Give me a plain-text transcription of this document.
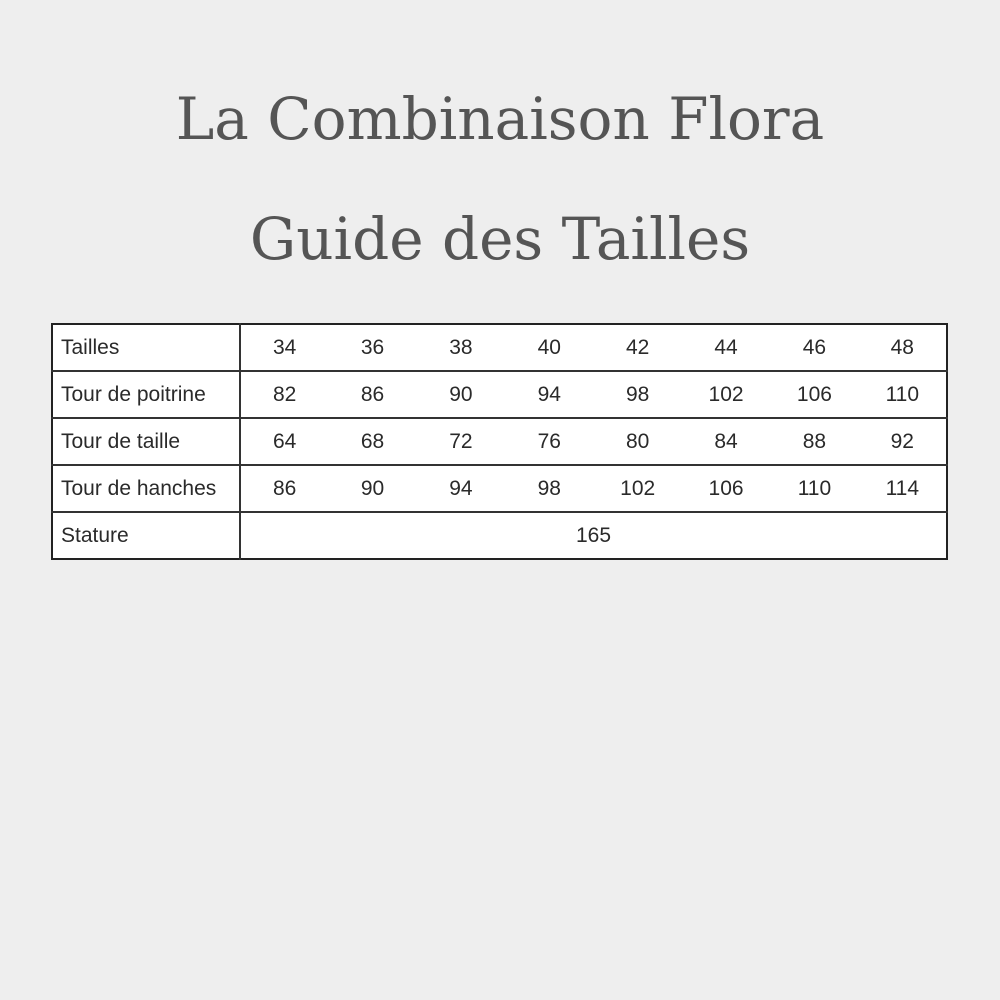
La Combinaison Flora
Guide des Tailles
Tailles	34	36	38	40	42	44	46	48
Tour de poitrine	82	86	90	94	98	102	106	110
Tour de taille	64	68	72	76	80	84	88	92
Tour de hanches	86	90	94	98	102	106	110	114
Stature	165							
